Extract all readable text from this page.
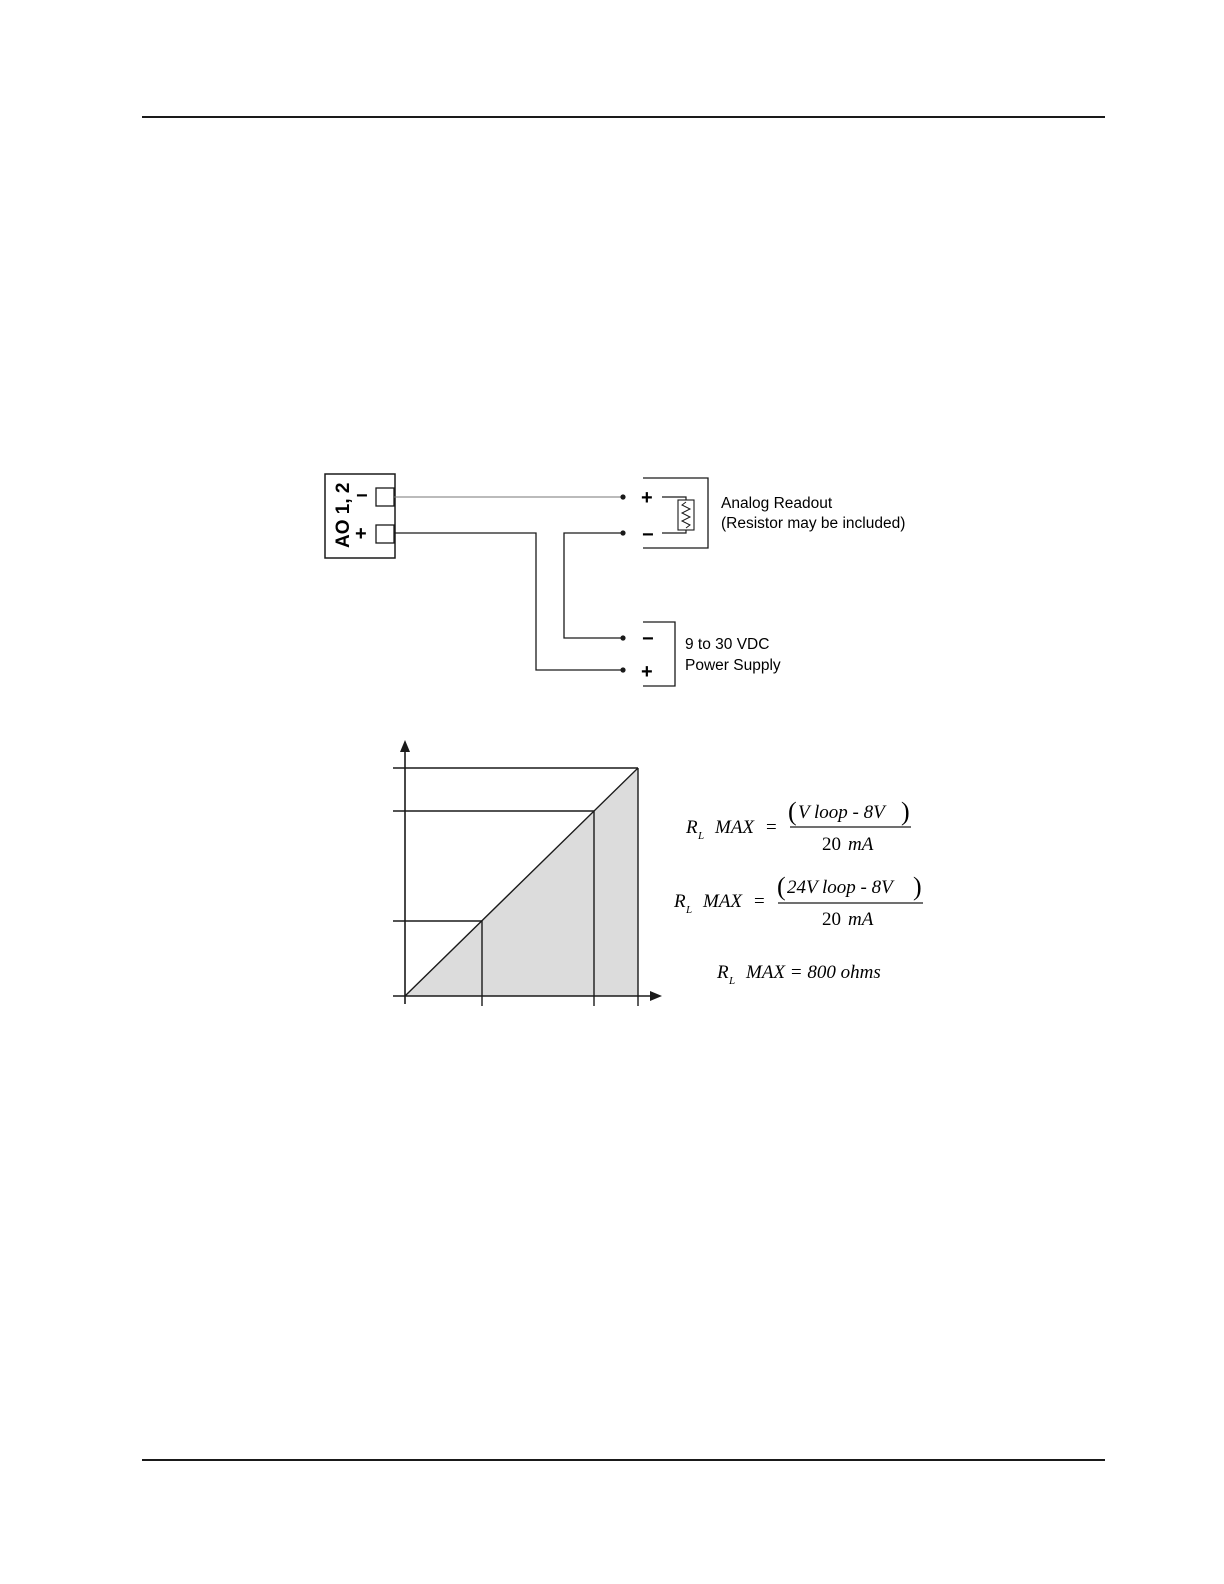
AO 1, 2 −
+
+
−
Analog Readout
(Resistor may be included)
−
+
9 to 30 VDC
Power Supply
R L MAX =
( V loop - 8V )
20 mA
R L MAX =
( 24V loop - 8V )
20 mA
R L MAX = 800 ohms
